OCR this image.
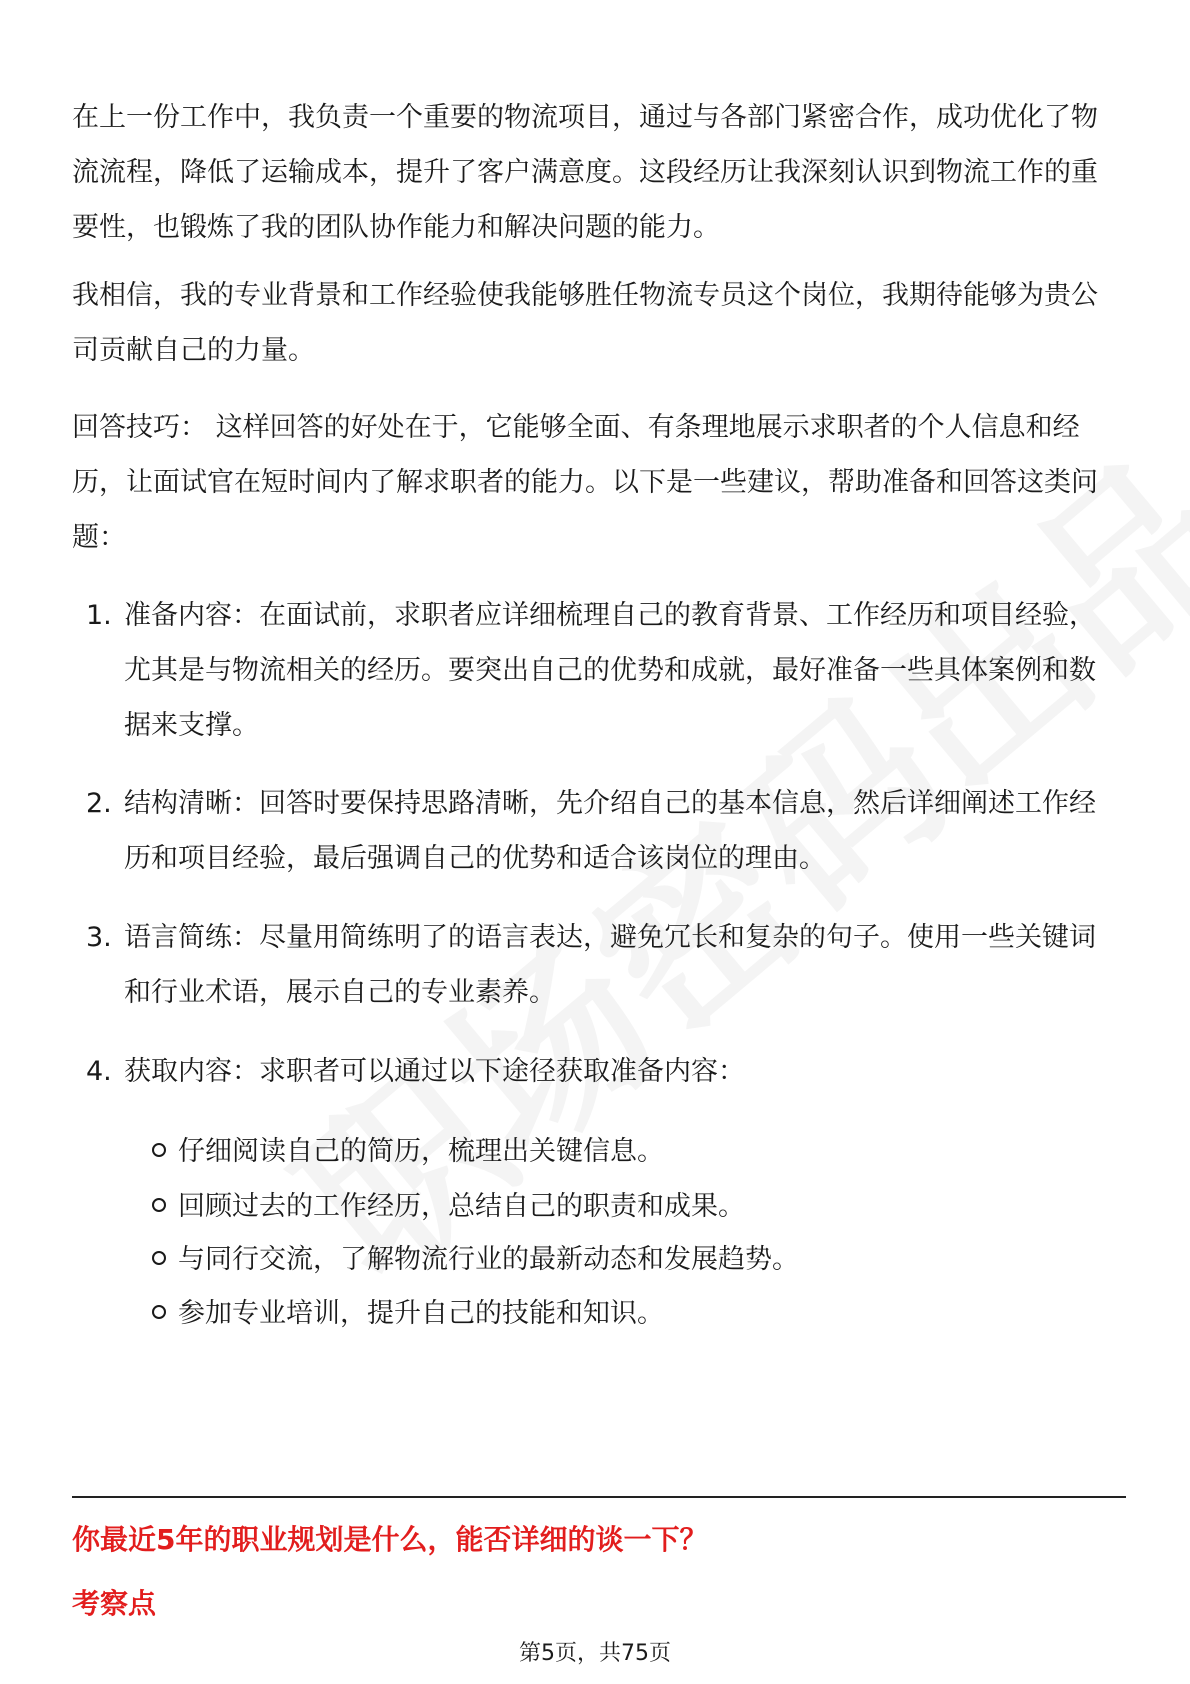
在上一份工作中，我负责一个重要的物流项目，通过与各部门紧密合作，成功优化了物流流程，降低了运输成本，提升了客户满意度。这段经历让我深刻认识到物流工作的重要性，也锻炼了我的团队协作能力和解决问题的能力。

我相信，我的专业背景和工作经验使我能够胜任物流专员这个岗位，我期待能够为贵公司贡献自己的力量。

回答技巧： 这样回答的好处在于，它能够全面、有条理地展示求职者的个人信息和经历，让面试官在短时间内了解求职者的能力。以下是一些建议，帮助准备和回答这类问题：

1. 准备内容：在面试前，求职者应详细梳理自己的教育背景、工作经历和项目经验，尤其是与物流相关的经历。要突出自己的优势和成就，最好准备一些具体案例和数据来支撑。
2. 结构清晰：回答时要保持思路清晰，先介绍自己的基本信息，然后详细阐述工作经历和项目经验，最后强调自己的优势和适合该岗位的理由。
3. 语言简练：尽量用简练明了的语言表达，避免冗长和复杂的句子。使用一些关键词和行业术语，展示自己的专业素养。
4. 获取内容：求职者可以通过以下途径获取准备内容：
仔细阅读自己的简历，梳理出关键信息。
回顾过去的工作经历，总结自己的职责和成果。
与同行交流，了解物流行业的最新动态和发展趋势。
参加专业培训，提升自己的技能和知识。
你最近5年的职业规划是什么，能否详细的谈一下？
考察点
第5页，共75页
